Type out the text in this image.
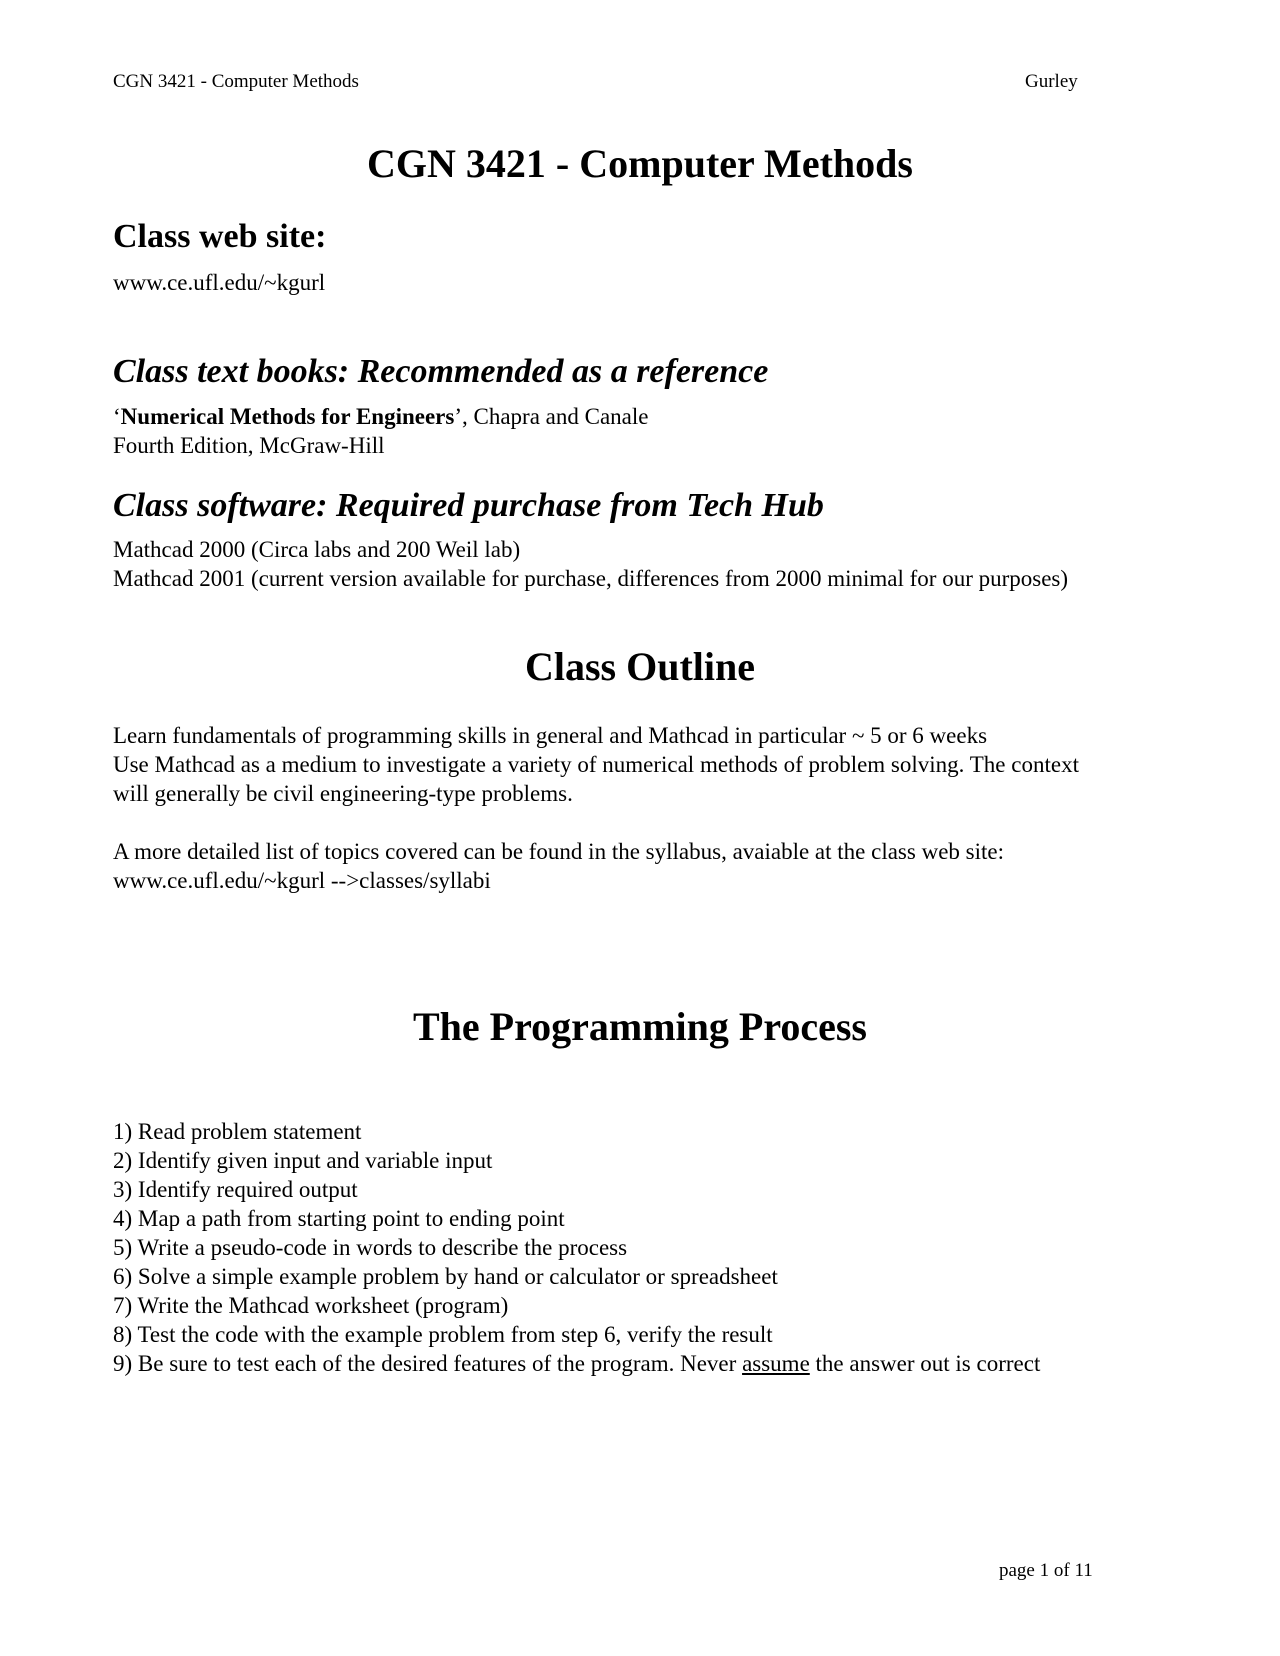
CGN 3421 - Computer Methods	Gurley
CGN 3421 - Computer Methods
Class web site:
www.ce.ufl.edu/~kgurl
Class text books: Recommended as a reference
‘Numerical Methods for Engineers’, Chapra and Canale
Fourth Edition, McGraw-Hill
Class software: Required purchase from Tech Hub
Mathcad 2000 (Circa labs and 200 Weil lab)
Mathcad 2001 (current version available for purchase, differences from 2000 minimal for our purposes)
Class Outline
Learn fundamentals of programming skills in general and Mathcad in particular ~ 5 or 6 weeks
Use Mathcad as a medium to investigate a variety of numerical methods of problem solving. The context
will generally be civil engineering-type problems.
A more detailed list of topics covered can be found in the syllabus, avaiable at the class web site:
www.ce.ufl.edu/~kgurl -->classes/syllabi
The Programming Process
1) Read problem statement
2) Identify given input and variable input
3) Identify required output
4) Map a path from starting point to ending point
5) Write a pseudo-code in words to describe the process
6) Solve a simple example problem by hand or calculator or spreadsheet
7) Write the Mathcad worksheet (program)
8) Test the code with the example problem from step 6, verify the result
9) Be sure to test each of the desired features of the program. Never assume the answer out is correct
page 1 of 11
